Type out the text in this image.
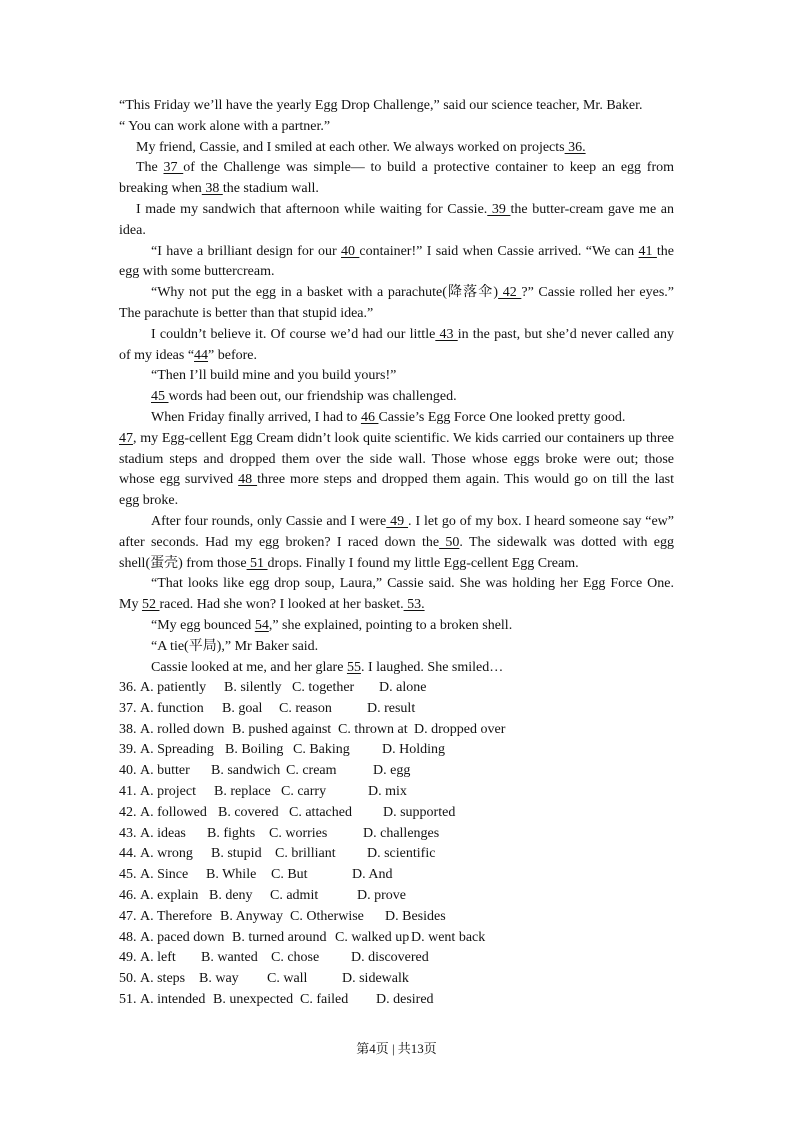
“This Friday we’ll have the yearly Egg Drop Challenge,” said our science teacher, Mr. Baker.
“ You can work alone with a partner.”
My friend, Cassie, and I smiled at each other. We always worked on projects 36.
The 37 of the Challenge was simple— to build a protective container to keep an egg from
breaking when 38 the stadium wall.
I made my sandwich that afternoon while waiting for Cassie. 39 the butter-cream gave me an
idea.
“I have a brilliant design for our 40 container!” I said when Cassie arrived. “We can 41 the
egg with some buttercream.
“Why not put the egg in a basket with a parachute(降落伞) 42 ?” Cassie rolled her eyes.”
The parachute is better than that stupid idea.”
I couldn’t believe it. Of course we’d had our little 43 in the past, but she’d never called any
of my ideas “44” before.
“Then I’ll build mine and you build yours!”
45 words had been out, our friendship was challenged.
When Friday finally arrived, I had to 46 Cassie’s Egg Force One looked pretty good.
47, my Egg-cellent Egg Cream didn’t look quite scientific. We kids carried our containers up three
stadium steps and dropped them over the side wall. Those whose eggs broke were out; those
whose egg survived 48 three more steps and dropped them again. This would go on till the last
egg broke.
After four rounds, only Cassie and I were 49 . I let go of my box. I heard someone say “ew”
after seconds. Had my egg broken? I raced down the 50. The sidewalk was dotted with egg
shell(蛋壳) from those 51 drops. Finally I found my little Egg-cellent Egg Cream.
“That looks like egg drop soup, Laura,” Cassie said. She was holding her Egg Force One.
My 52 raced. Had she won? I looked at her basket. 53.
“My egg bounced 54,” she explained, pointing to a broken shell.
“A tie(平局),” Mr Baker said.
Cassie looked at me, and her glare 55. I laughed. She smiled…
36. A. patiently B. silently C. together D. alone
37. A. function B. goal C. reason	D. result
38. A. rolled down B. pushed against C. thrown at D. dropped over
39. A. Spreading B. Boiling C. Baking D. Holding
40. A. butter B. sandwich C. cream	D. egg
41. A. project B. replace C. carry	D. mix
42. A. followed B. covered C. attached D. supported
43. A. ideas B. fights C. worries	D. challenges
44. A. wrong B. stupid C. brilliant D. scientific
45. A. Since B. While C. But	D. And
46. A. explain B. deny C. admit	D. prove
47. A. Therefore B. Anyway C. Otherwise D. Besides
48. A. paced down B. turned around C. walked up D. went back
49. A. left B. wanted C. chose D. discovered
50. A. steps B. way C. wall D. sidewalk
51. A. intended B. unexpected C. failed D. desired
第4页 | 共13页
